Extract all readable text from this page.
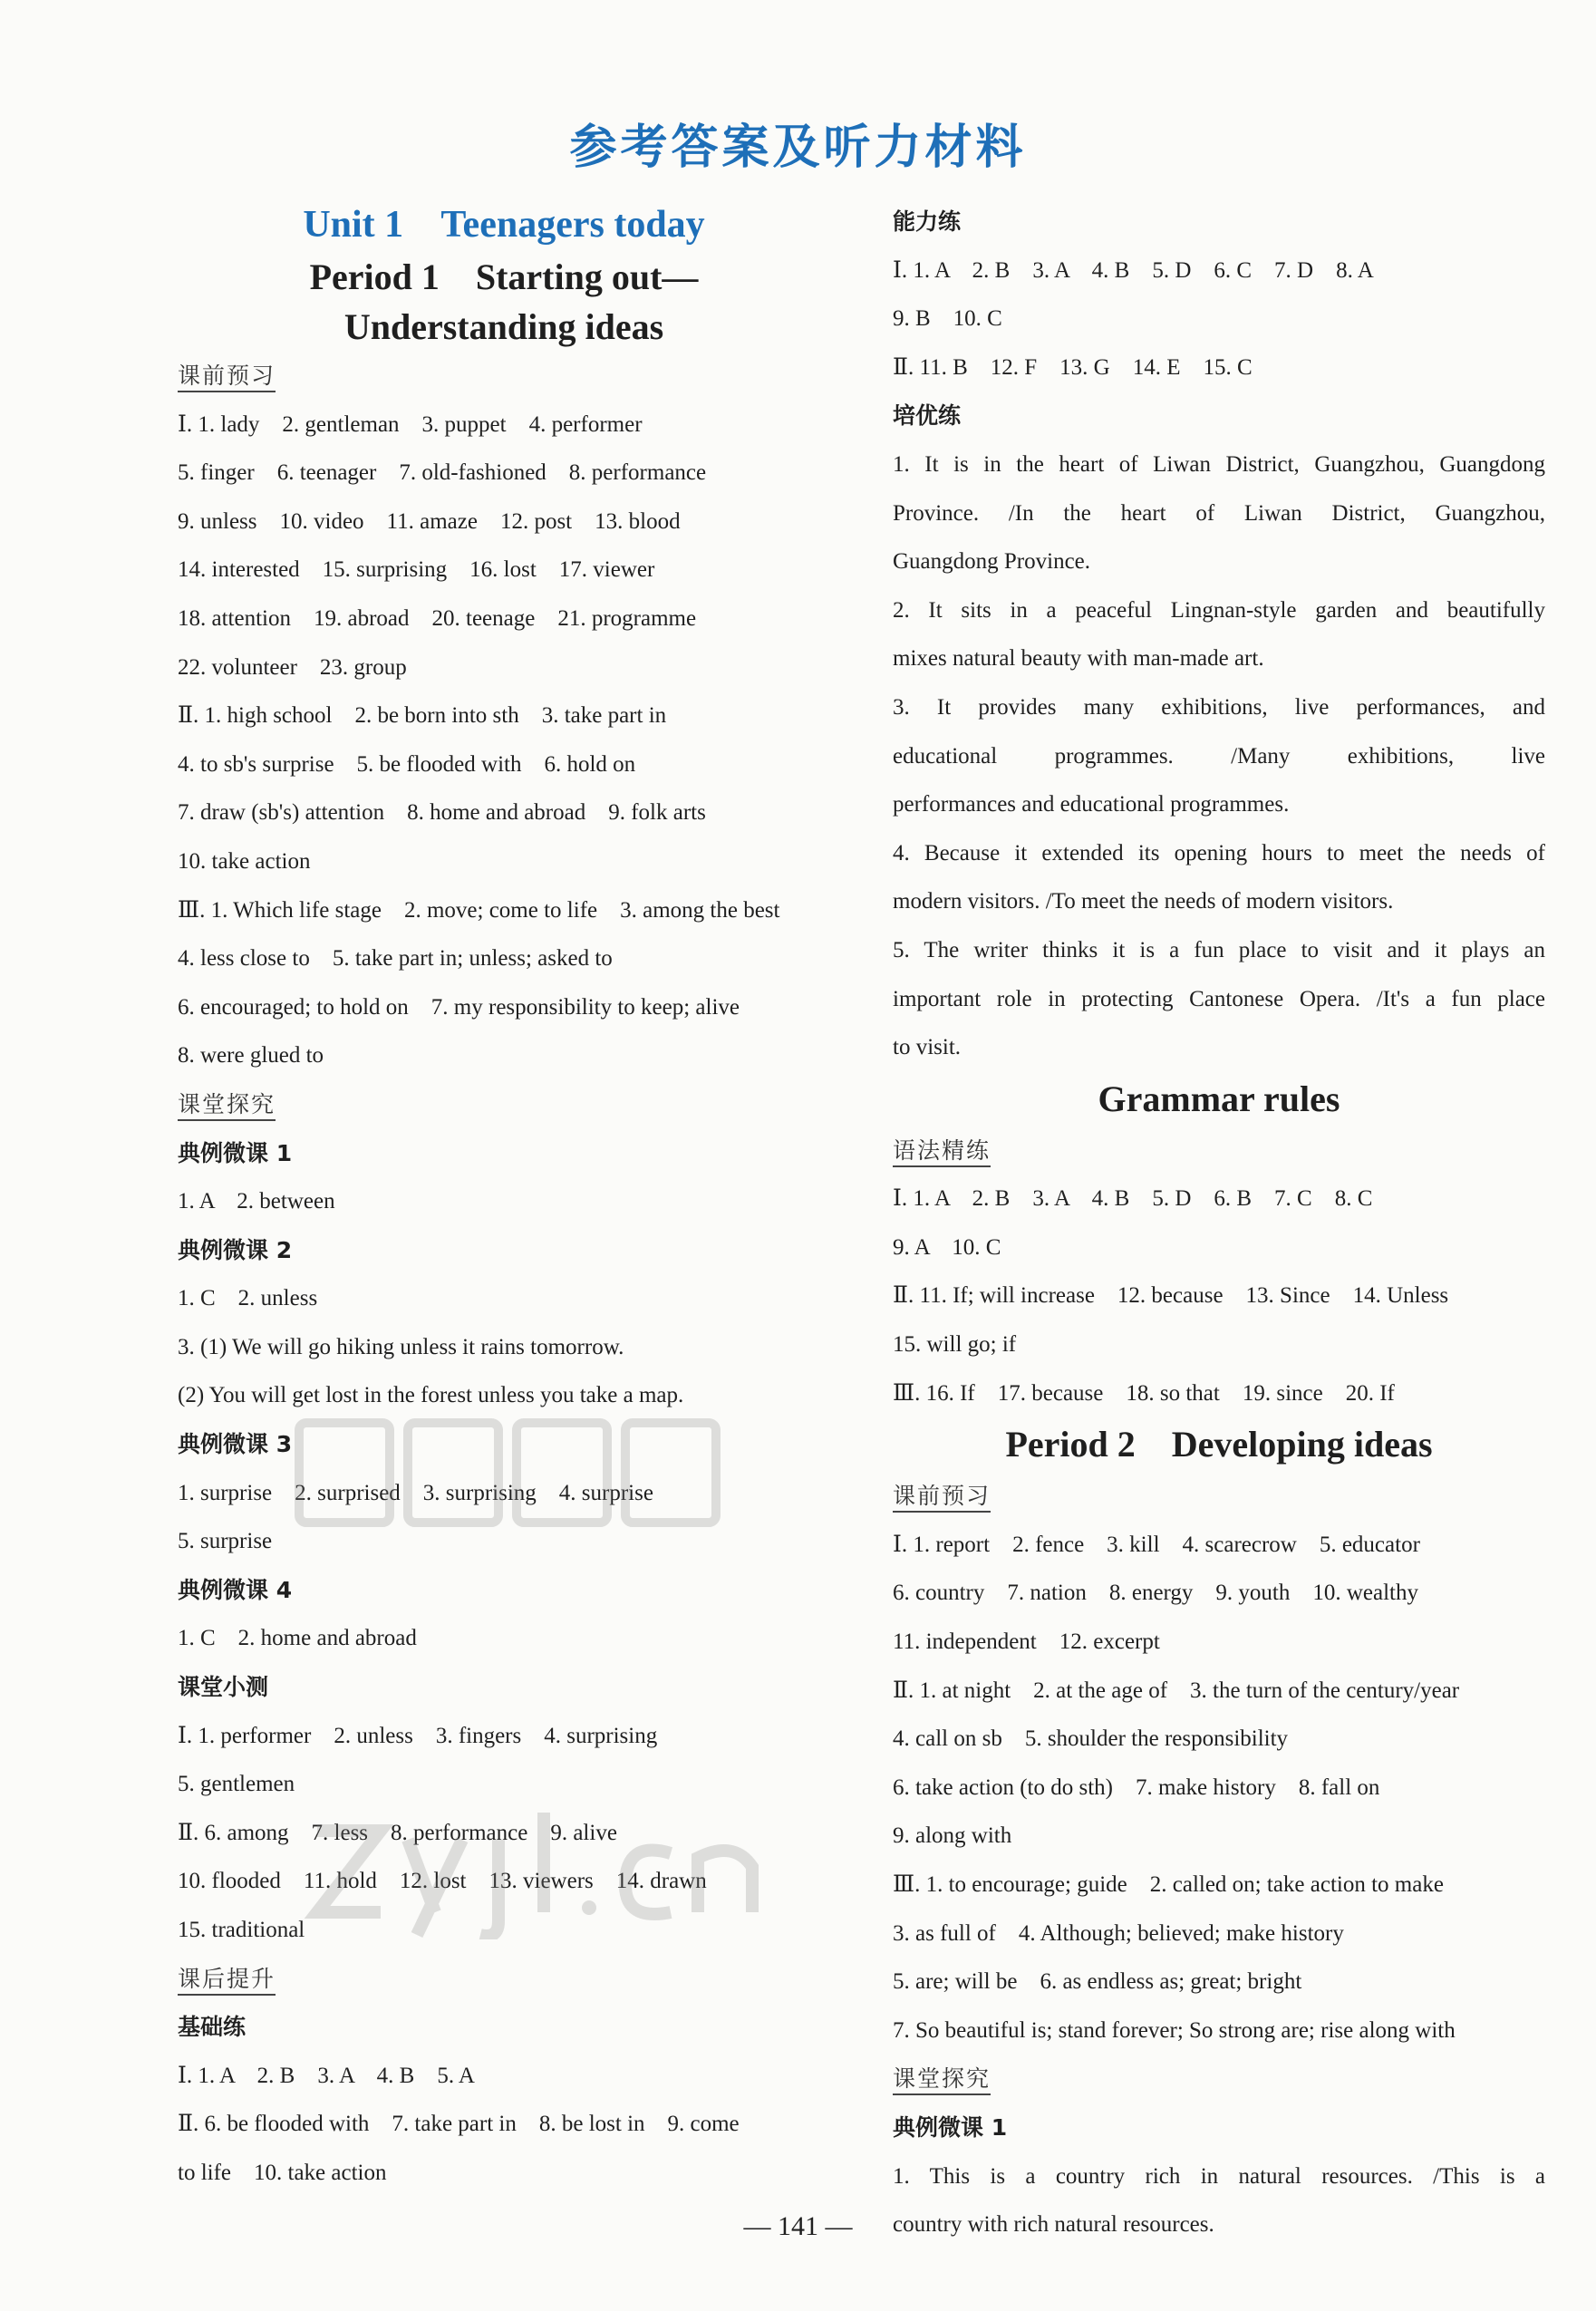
参考答案及听力材料
Unit 1    Teenagers today
Period 1    Starting out—
Understanding ideas
课前预习
Ⅰ. 1. lady    2. gentleman    3. puppet    4. performer
5. finger    6. teenager    7. old-fashioned    8. performance
9. unless    10. video    11. amaze    12. post    13. blood
14. interested    15. surprising    16. lost    17. viewer
18. attention    19. abroad    20. teenage    21. programme
22. volunteer    23. group
Ⅱ. 1. high school    2. be born into sth    3. take part in
4. to sb's surprise    5. be flooded with    6. hold on
7. draw (sb's) attention    8. home and abroad    9. folk arts
10. take action
Ⅲ. 1. Which life stage    2. move; come to life    3. among the best
4. less close to    5. take part in; unless; asked to
6. encouraged; to hold on    7. my responsibility to keep; alive
8. were glued to
课堂探究
典例微课 1
1. A    2. between
典例微课 2
1. C    2. unless
3. (1) We will go hiking unless it rains tomorrow.
(2) You will get lost in the forest unless you take a map.
典例微课 3
1. surprise    2. surprised    3. surprising    4. surprise
5. surprise
典例微课 4
1. C    2. home and abroad
课堂小测
Ⅰ. 1. performer    2. unless    3. fingers    4. surprising
5. gentlemen
Ⅱ. 6. among    7. less    8. performance    9. alive
10. flooded    11. hold    12. lost    13. viewers    14. drawn
15. traditional
课后提升
基础练
Ⅰ. 1. A    2. B    3. A    4. B    5. A
Ⅱ. 6. be flooded with    7. take part in    8. be lost in    9. come
to life    10. take action
能力练
Ⅰ. 1. A    2. B    3. A    4. B    5. D    6. C    7. D    8. A
9. B    10. C
Ⅱ. 11. B    12. F    13. G    14. E    15. C
培优练
1. It is in the heart of Liwan District, Guangzhou, Guangdong
Province. /In the heart of Liwan District, Guangzhou,
Guangdong Province.
2. It sits in a peaceful Lingnan-style garden and beautifully
mixes natural beauty with man-made art.
3. It provides many exhibitions, live performances, and
educational programmes. /Many exhibitions, live
performances and educational programmes.
4. Because it extended its opening hours to meet the needs of
modern visitors. /To meet the needs of modern visitors.
5. The writer thinks it is a fun place to visit and it plays an
important role in protecting Cantonese Opera. /It's a fun place
to visit.
Grammar rules
语法精练
Ⅰ. 1. A    2. B    3. A    4. B    5. D    6. B    7. C    8. C
9. A    10. C
Ⅱ. 11. If; will increase    12. because    13. Since    14. Unless
15. will go; if
Ⅲ. 16. If    17. because    18. so that    19. since    20. If
Period 2    Developing ideas
课前预习
Ⅰ. 1. report    2. fence    3. kill    4. scarecrow    5. educator
6. country    7. nation    8. energy    9. youth    10. wealthy
11. independent    12. excerpt
Ⅱ. 1. at night    2. at the age of    3. the turn of the century/year
4. call on sb    5. shoulder the responsibility
6. take action (to do sth)    7. make history    8. fall on
9. along with
Ⅲ. 1. to encourage; guide    2. called on; take action to make
3. as full of    4. Although; believed; make history
5. are; will be    6. as endless as; great; bright
7. So beautiful is; stand forever; So strong are; rise along with
课堂探究
典例微课 1
1. This is a country rich in natural resources. /This is a
country with rich natural resources.
— 141 —
